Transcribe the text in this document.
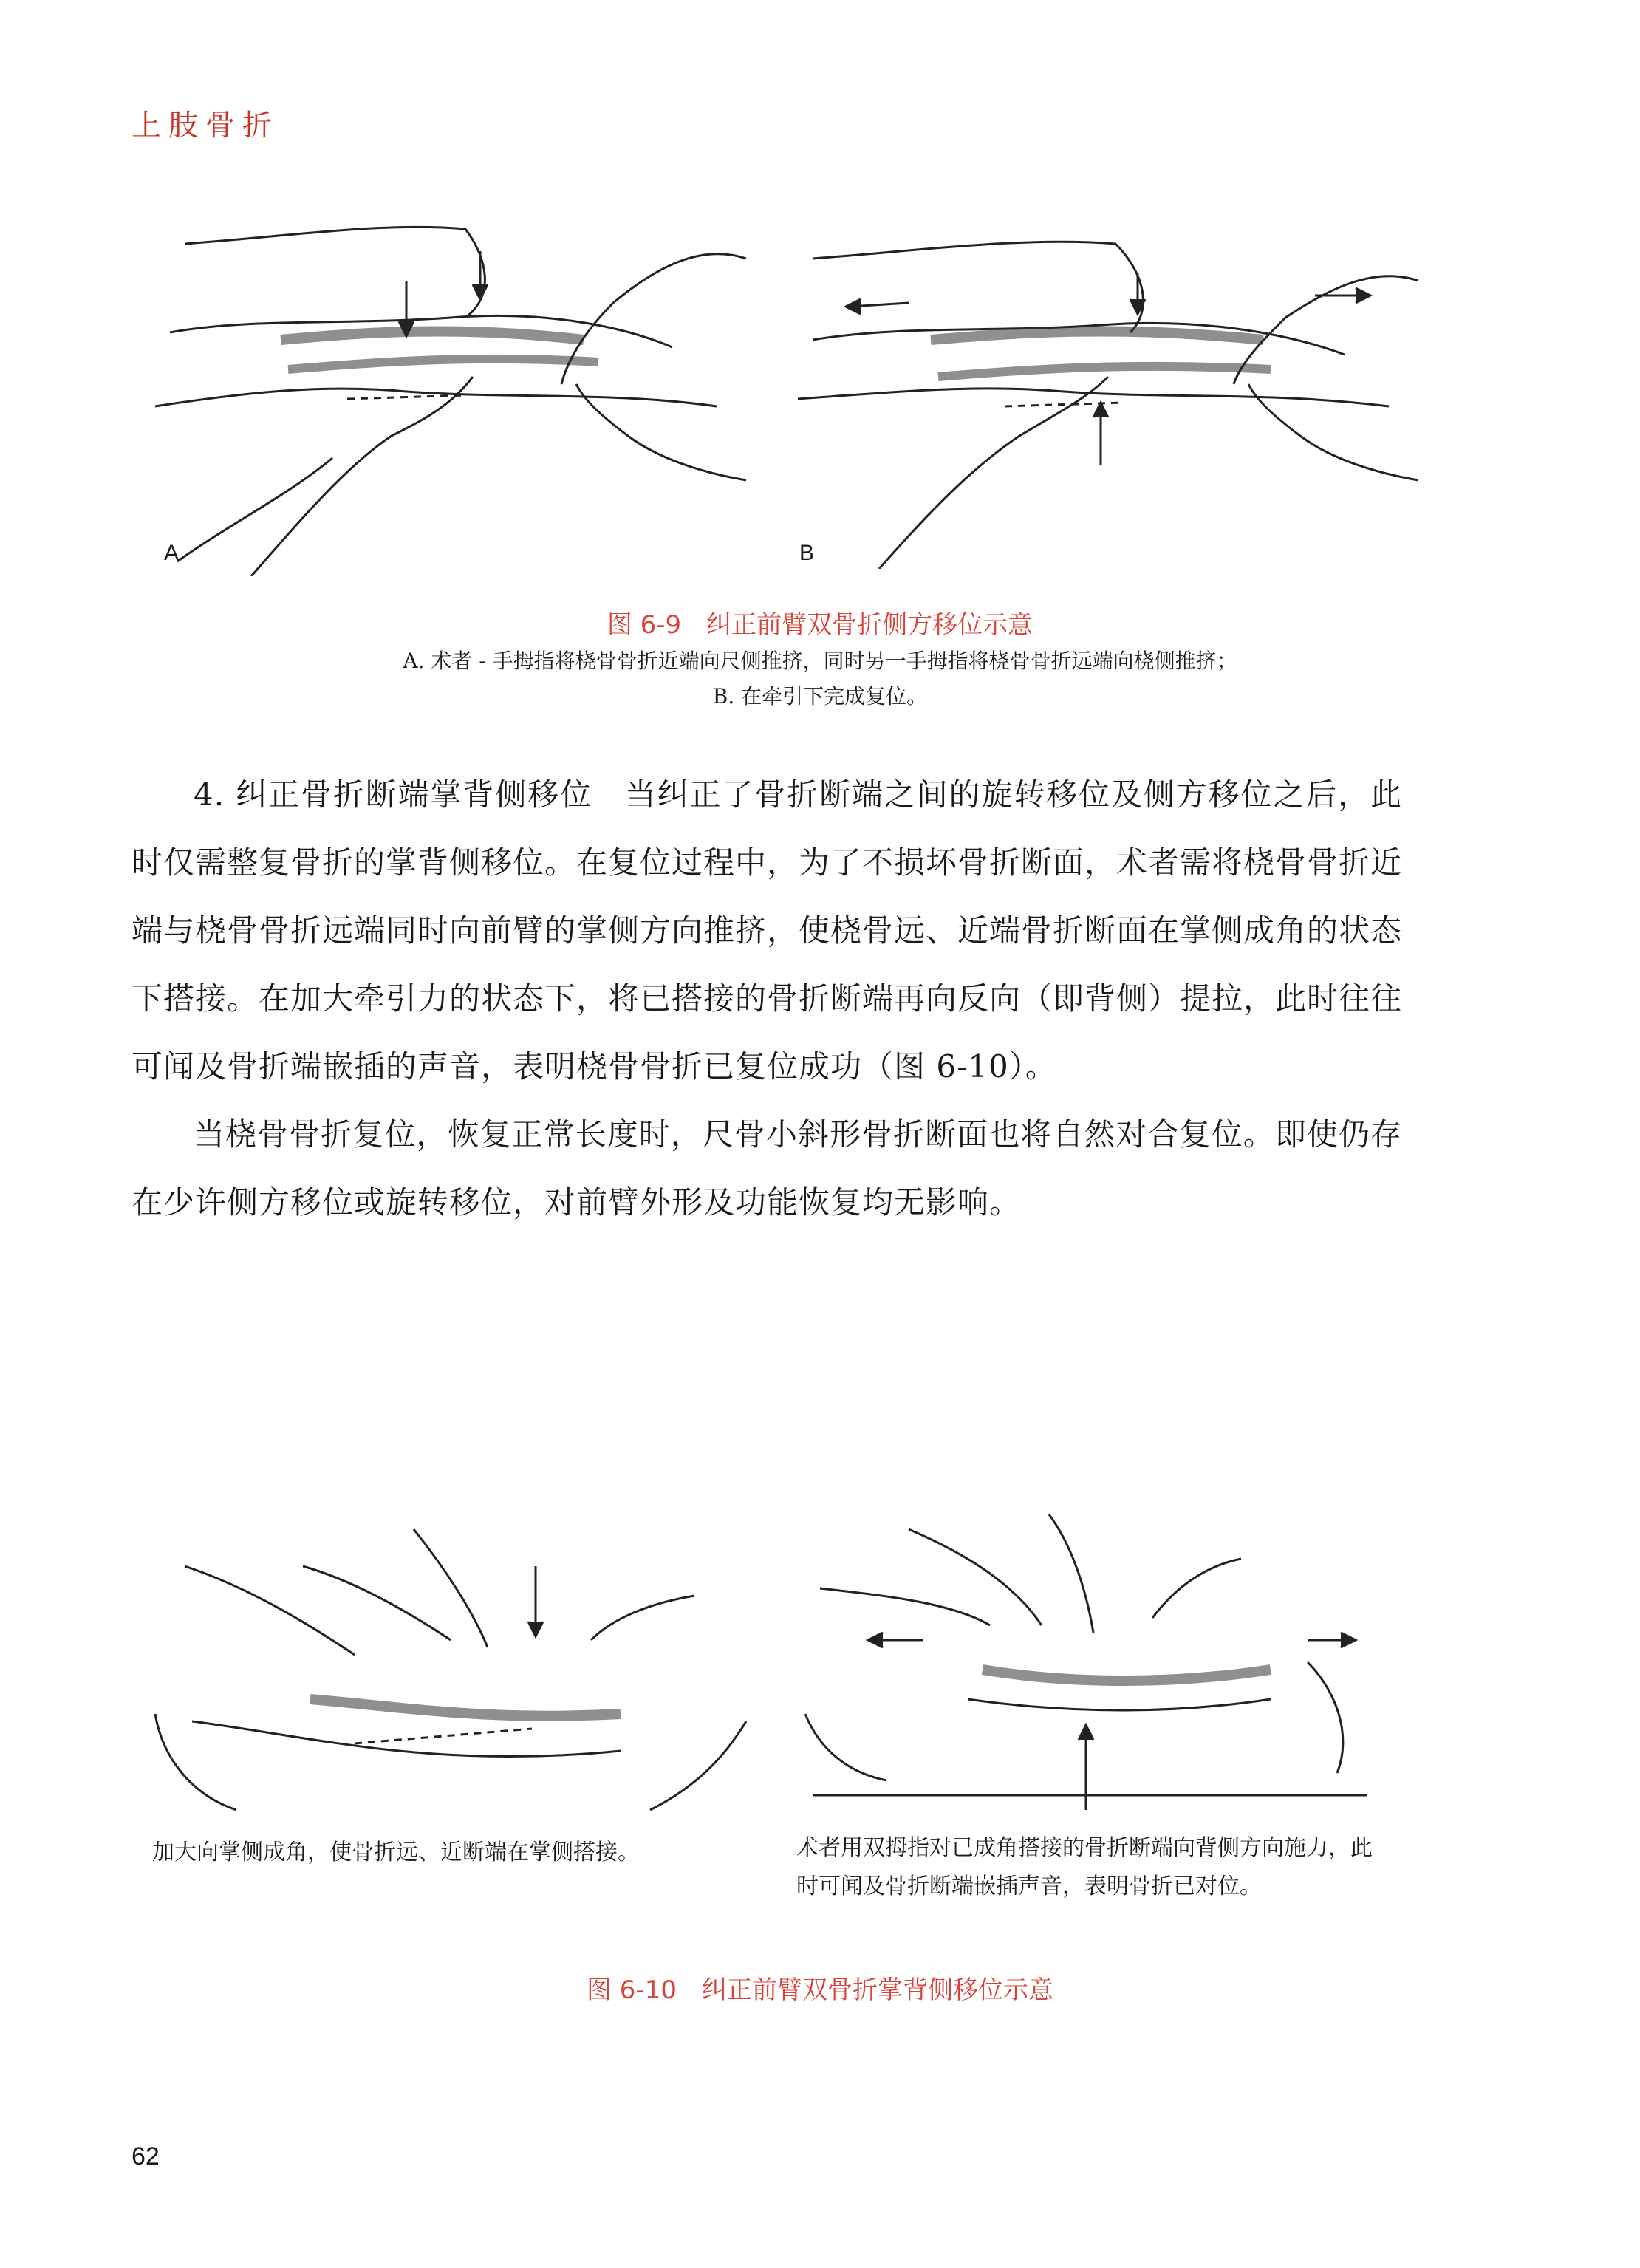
上肢骨折
A	B
图 6-9　纠正前臂双骨折侧方移位示意
A. 术者 - 手拇指将桡骨骨折近端向尺侧推挤，同时另一手拇指将桡骨骨折远端向桡侧推挤；
B. 在牵引下完成复位。

4. 纠正骨折断端掌背侧移位　当纠正了骨折断端之间的旋转移位及侧方移位之后，此时仅需整复骨折的掌背侧移位。在复位过程中，为了不损坏骨折断面，术者需将桡骨骨折近端与桡骨骨折远端同时向前臂的掌侧方向推挤，使桡骨远、近端骨折断面在掌侧成角的状态下搭接。在加大牵引力的状态下，将已搭接的骨折断端再向反向（即背侧）提拉，此时往往可闻及骨折端嵌插的声音，表明桡骨骨折已复位成功（图 6-10）。

当桡骨骨折复位，恢复正常长度时，尺骨小斜形骨折断面也将自然对合复位。即使仍存在少许侧方移位或旋转移位，对前臂外形及功能恢复均无影响。

加大向掌侧成角，使骨折远、近断端在掌侧搭接。	术者用双拇指对已成角搭接的骨折断端向背侧方向施力，此时可闻及骨折断端嵌插声音，表明骨折已对位。
图 6-10　纠正前臂双骨折掌背侧移位示意
62
